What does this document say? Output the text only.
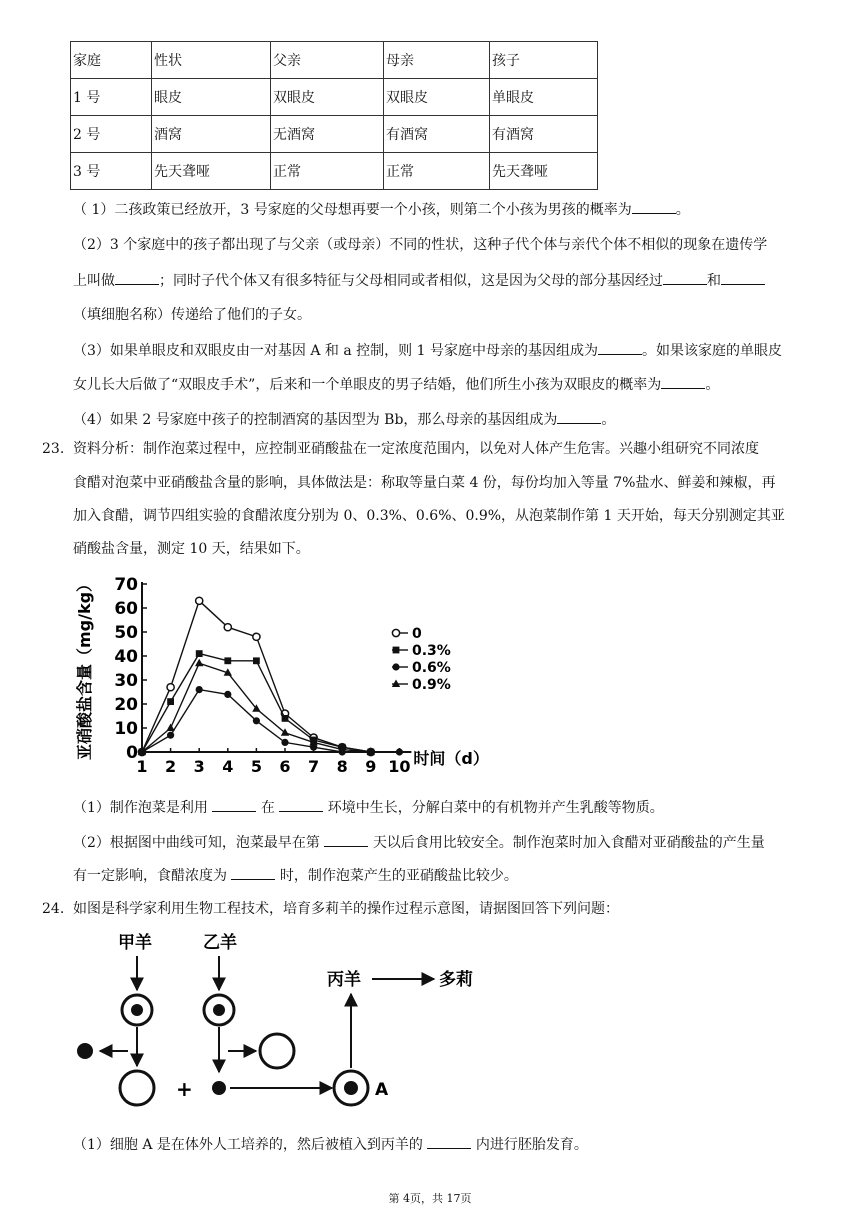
家庭	性状	父亲	母亲	孩子
1 号	眼皮	双眼皮	双眼皮	单眼皮
2 号	酒窝	无酒窝	有酒窝	有酒窝
3 号	先天聋哑	正常	正常	先天聋哑
（ 1）二孩政策已经放开，3 号家庭的父母想再要一个小孩，则第二个小孩为男孩的概率为	。
（2）3 个家庭中的孩子都出现了与父亲（或母亲）不同的性状，这种子代个体与亲代个体不相似的现象在遗传学
上叫做	；同时子代个体又有很多特征与父母相同或者相似，这是因为父母的部分基因经过	和
（填细胞名称）传递给了他们的子女。
（3）如果单眼皮和双眼皮由一对基因 A 和 a 控制，则 1 号家庭中母亲的基因组成为	。如果该家庭的单眼皮
女儿长大后做了“双眼皮手术”，后来和一个单眼皮的男子结婚，他们所生小孩为双眼皮的概率为	。
（4）如果 2 号家庭中孩子的控制酒窝的基因型为 Bb，那么母亲的基因组成为	。
23. 资料分析：制作泡菜过程中，应控制亚硝酸盐在一定浓度范围内，以免对人体产生危害。兴趣小组研究不同浓度
食醋对泡菜中亚硝酸盐含量的影响，具体做法是：称取等量白菜 4 份，每份均加入等量 7%盐水、鲜姜和辣椒，再
加入食醋，调节四组实验的食醋浓度分别为 0、0.3%、0.6%、0.9%，从泡菜制作第 1 天开始，每天分别测定其亚
硝酸盐含量，测定 10 天，结果如下。
0
10
20
30
40
50
60
70
1 2 3 4 5 6 7 8 9 10 时间（d）
亚硝酸盐含量（mg/kg）	0
0.3%
0.6%
0.9%
（1）制作泡菜是利用	在	环境中生长，分解白菜中的有机物并产生乳酸等物质。
（2）根据图中曲线可知，泡菜最早在第	天以后食用比较安全。制作泡菜时加入食醋对亚硝酸盐的产生量
有一定影响，食醋浓度为	时，制作泡菜产生的亚硝酸盐比较少。
24. 如图是科学家利用生物工程技术，培育多莉羊的操作过程示意图，请据图回答下列问题：
甲羊	乙羊
丙羊	多莉
+	A
（1）细胞 A 是在体外人工培养的，然后被植入到丙羊的	内进行胚胎发育。
第 4页，共 17页
